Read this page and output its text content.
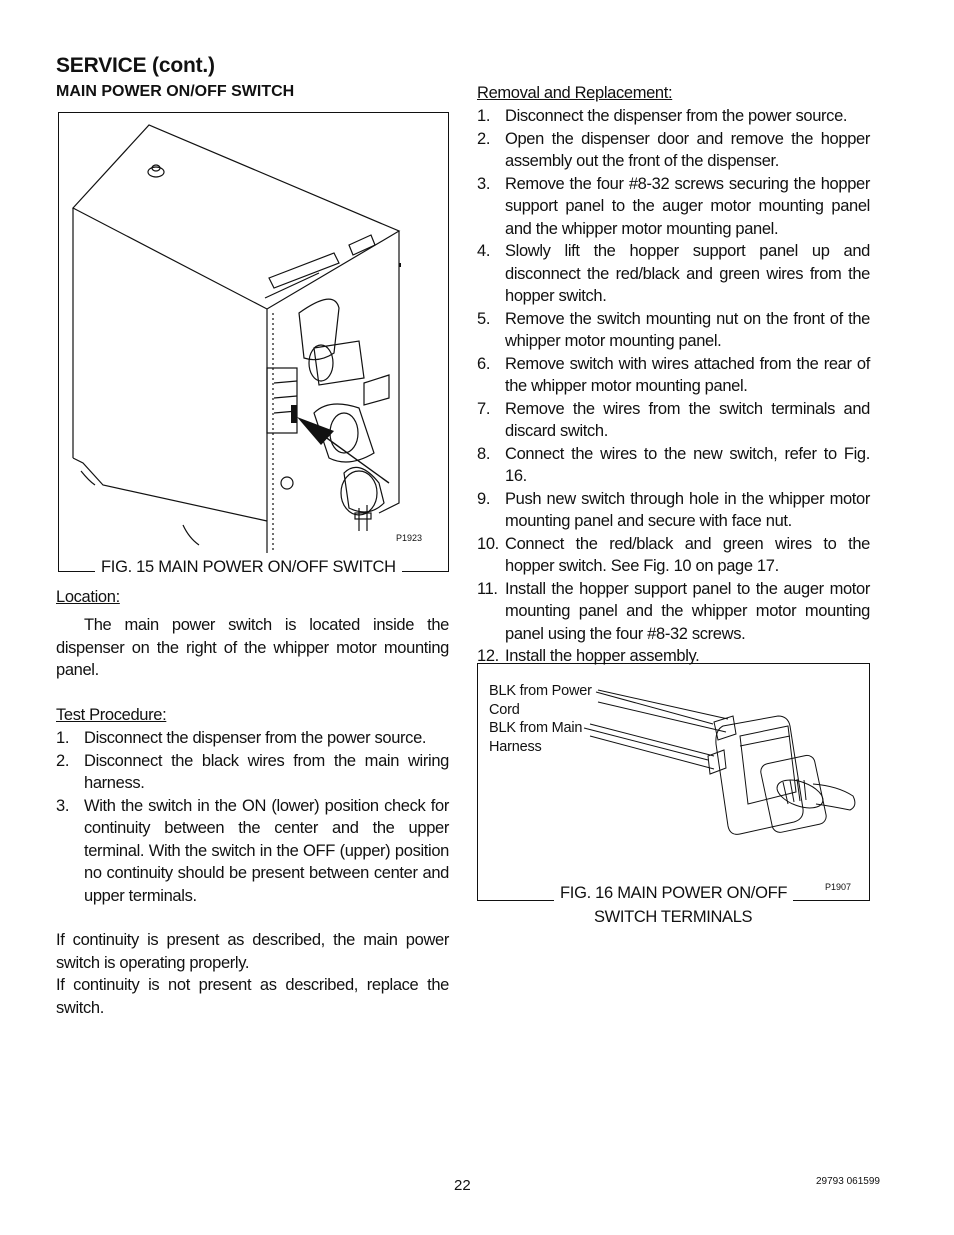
SERVICE (cont.)
MAIN POWER ON/OFF SWITCH
P1923
FIG. 15 MAIN POWER ON/OFF SWITCH
Location:
The main power switch is located inside the dispenser on the right of the whipper motor mounting panel.
Test Procedure:
1. Disconnect the dispenser from the power source.
2. Disconnect the black wires from the main wiring harness.
3. With the switch in the ON (lower) position check for continuity between the center and the upper terminal. With the switch in the OFF (upper) position no continuity should be present between center and upper terminals.
If continuity is present as described, the main power switch is operating properly.
If continuity is not present as described, replace the switch.
Removal and Replacement:
1. Disconnect the dispenser from the power source.
2. Open the dispenser door and remove the hopper assembly out the front of the dispenser.
3. Remove the four #8-32 screws securing the hopper support panel to the auger motor mounting panel and the whipper motor mounting panel.
4. Slowly lift the hopper support panel up and disconnect the red/black and green wires from the hopper switch.
5. Remove the switch mounting nut on the front of the whipper motor mounting panel.
6. Remove switch with wires attached from the rear of the whipper motor mounting panel.
7. Remove the wires from the switch terminals and discard switch.
8. Connect the wires to the new switch, refer to Fig. 16.
9. Push new switch through hole in the whipper motor mounting panel and secure with face nut.
10. Connect the red/black and green wires to the hopper switch. See Fig. 10 on page 17.
11. Install the hopper support panel to the auger motor mounting panel and the whipper motor mounting panel using the four #8-32 screws.
12. Install the hopper assembly.
BLK from Power Cord
BLK from Main Harness
P1907
FIG. 16 MAIN POWER ON/OFF
SWITCH TERMINALS
22	29793 061599
